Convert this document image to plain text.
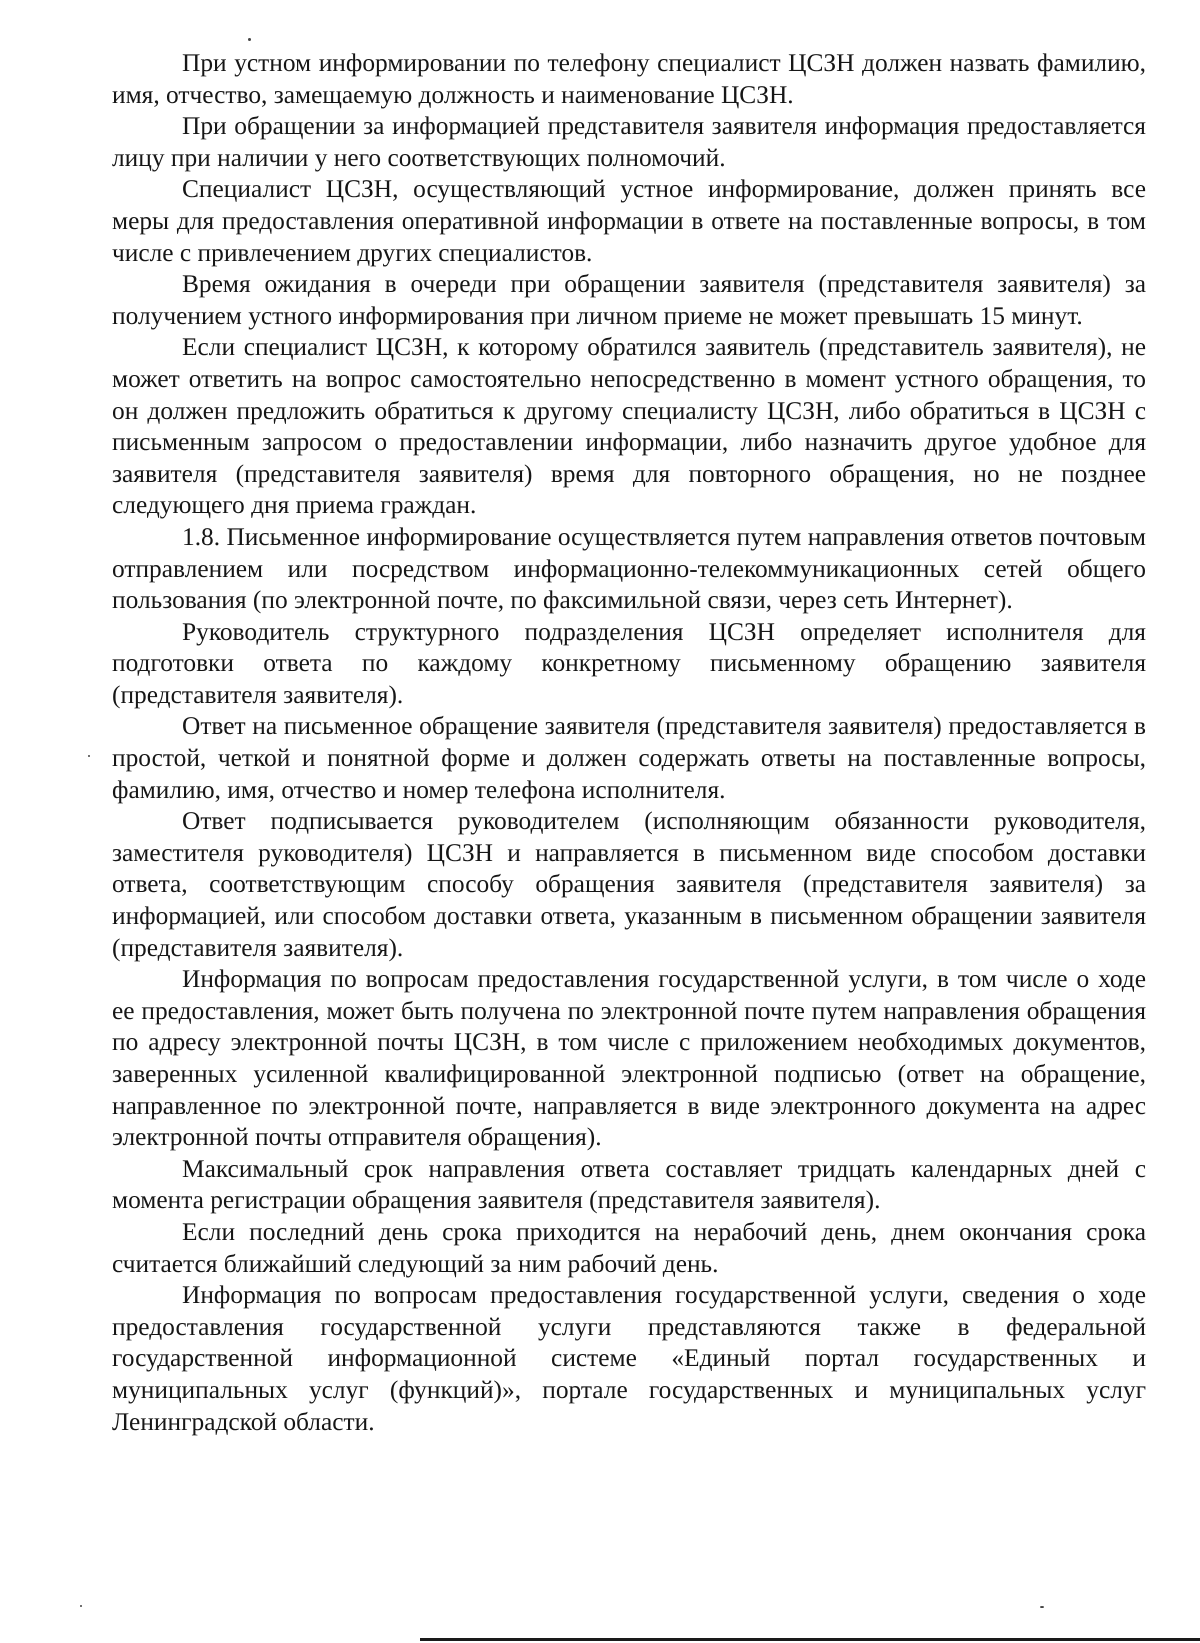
При устном информировании по телефону специалист ЦСЗН должен назвать фамилию, имя, отчество, замещаемую должность и наименование ЦСЗН.

При обращении за информацией представителя заявителя информация предоставляется лицу при наличии у него соответствующих полномочий.

Специалист ЦСЗН, осуществляющий устное информирование, должен принять все меры для предоставления оперативной информации в ответе на поставленные вопросы, в том числе с привлечением других специалистов.

Время ожидания в очереди при обращении заявителя (представителя заявителя) за получением устного информирования при личном приеме не может превышать 15 минут.

Если специалист ЦСЗН, к которому обратился заявитель (представитель заявителя), не может ответить на вопрос самостоятельно непосредственно в момент устного обращения, то он должен предложить обратиться к другому специалисту ЦСЗН, либо обратиться в ЦСЗН с письменным запросом о предоставлении информации, либо назначить другое удобное для заявителя (представителя заявителя) время для повторного обращения, но не позднее следующего дня приема граждан.

1.8. Письменное информирование осуществляется путем направления ответов почтовым отправлением или посредством информационно-телекоммуникационных сетей общего пользования (по электронной почте, по факсимильной связи, через сеть Интернет).

Руководитель структурного подразделения ЦСЗН определяет исполнителя для подготовки ответа по каждому конкретному письменному обращению заявителя (представителя заявителя).

Ответ на письменное обращение заявителя (представителя заявителя) предоставляется в простой, четкой и понятной форме и должен содержать ответы на поставленные вопросы, фамилию, имя, отчество и номер телефона исполнителя.

Ответ подписывается руководителем (исполняющим обязанности руководителя, заместителя руководителя) ЦСЗН и направляется в письменном виде способом доставки ответа, соответствующим способу обращения заявителя (представителя заявителя) за информацией, или способом доставки ответа, указанным в письменном обращении заявителя (представителя заявителя).

Информация по вопросам предоставления государственной услуги, в том числе о ходе ее предоставления, может быть получена по электронной почте путем направления обращения по адресу электронной почты ЦСЗН, в том числе с приложением необходимых документов, заверенных усиленной квалифицированной электронной подписью (ответ на обращение, направленное по электронной почте, направляется в виде электронного документа на адрес электронной почты отправителя обращения).

Максимальный срок направления ответа составляет тридцать календарных дней с момента регистрации обращения заявителя (представителя заявителя).

Если последний день срока приходится на нерабочий день, днем окончания срока считается ближайший следующий за ним рабочий день.

Информация по вопросам предоставления государственной услуги, сведения о ходе предоставления государственной услуги представляются также в федеральной государственной информационной системе «Единый портал государственных и муниципальных услуг (функций)», портале государственных и муниципальных услуг Ленинградской области.
